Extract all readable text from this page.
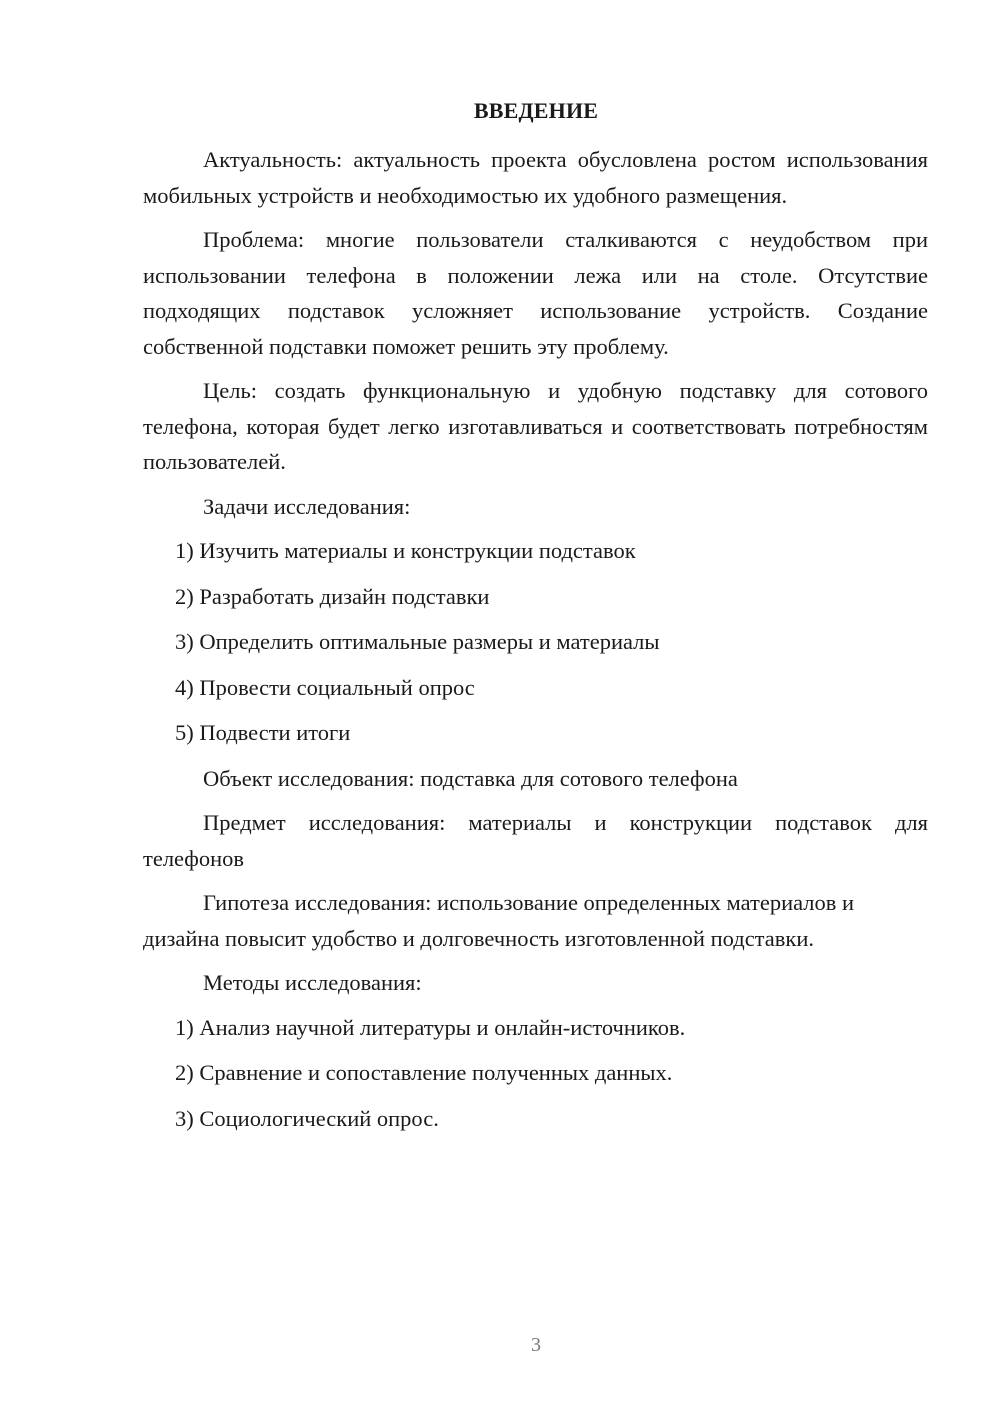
ВВЕДЕНИЕ

Актуальность: актуальность проекта обусловлена ростом использования мобильных устройств и необходимостью их удобного размещения.

Проблема: многие пользователи сталкиваются с неудобством при использовании телефона в положении лежа или на столе. Отсутствие подходящих подставок усложняет использование устройств. Создание собственной подставки поможет решить эту проблему.

Цель: создать функциональную и удобную подставку для сотового телефона, которая будет легко изготавливаться и соответствовать потребностям пользователей.

Задачи исследования:

1) Изучить материалы и конструкции подставок
2) Разработать дизайн подставки
3) Определить оптимальные размеры и материалы
4) Провести социальный опрос
5) Подвести итоги

Объект исследования: подставка для сотового телефона

Предмет исследования: материалы и конструкции подставок для телефонов

Гипотеза исследования: использование определенных материалов и дизайна повысит удобство и долговечность изготовленной подставки.

Методы исследования:

1) Анализ научной литературы и онлайн-источников.
2) Сравнение и сопоставление полученных данных.
3) Социологический опрос.
3
